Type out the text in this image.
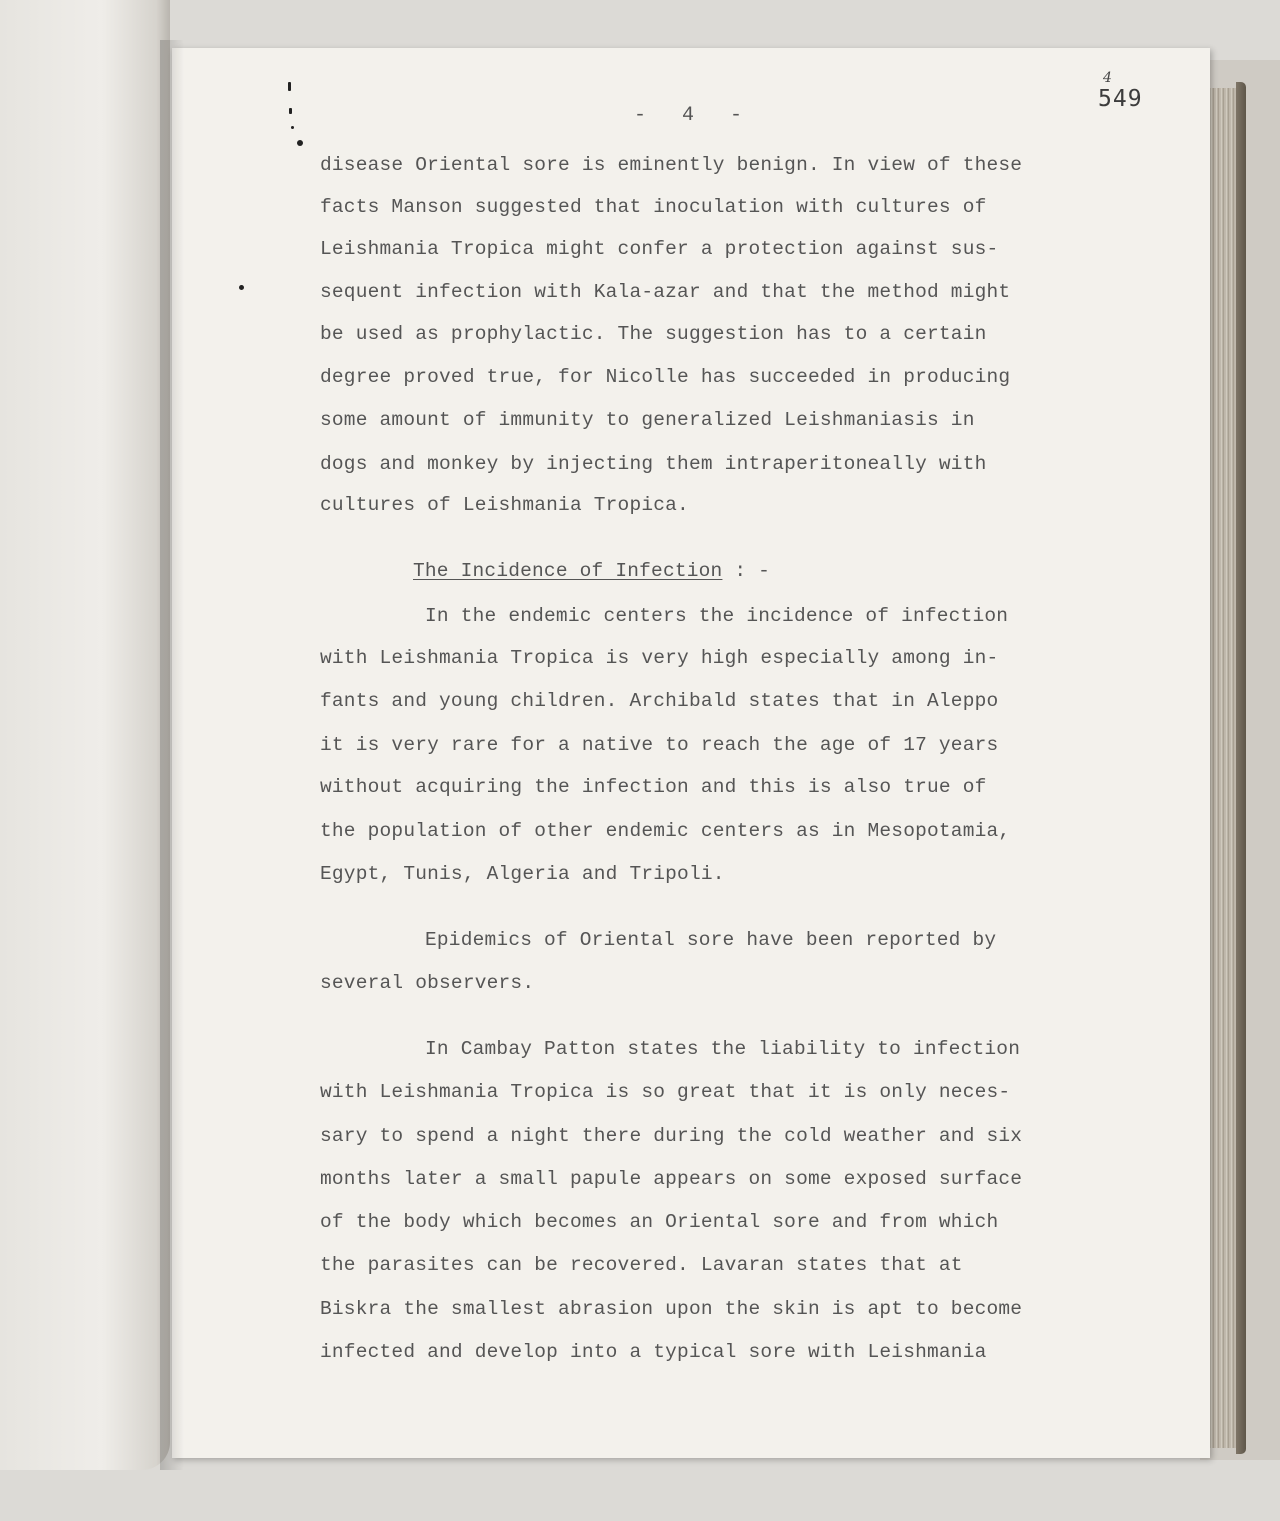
4
549
- 4 -
disease Oriental sore is eminently benign. In view of these
facts Manson suggested that inoculation with cultures of
Leishmania Tropica might confer a protection against sus-
sequent infection with Kala-azar and that the method might
be used as prophylactic. The suggestion has to a certain
degree proved true, for Nicolle has succeeded in producing
some amount of immunity to generalized Leishmaniasis in
dogs and monkey by injecting them intraperitoneally with
cultures of Leishmania Tropica.
The Incidence of Infection : -
In the endemic centers the incidence of infection
with Leishmania Tropica is very high especially among in-
fants and young children. Archibald states that in Aleppo
it is very rare for a native to reach the age of 17 years
without acquiring the infection and this is also true of
the population of other endemic centers as in Mesopotamia,
Egypt, Tunis, Algeria and Tripoli.
Epidemics of Oriental sore have been reported by
several observers.
In Cambay Patton states the liability to infection
with Leishmania Tropica is so great that it is only neces-
sary to spend a night there during the cold weather and six
months later a small papule appears on some exposed surface
of the body which becomes an Oriental sore and from which
the parasites can be recovered. Lavaran states that at
Biskra the smallest abrasion upon the skin is apt to become
infected and develop into a typical sore with Leishmania
